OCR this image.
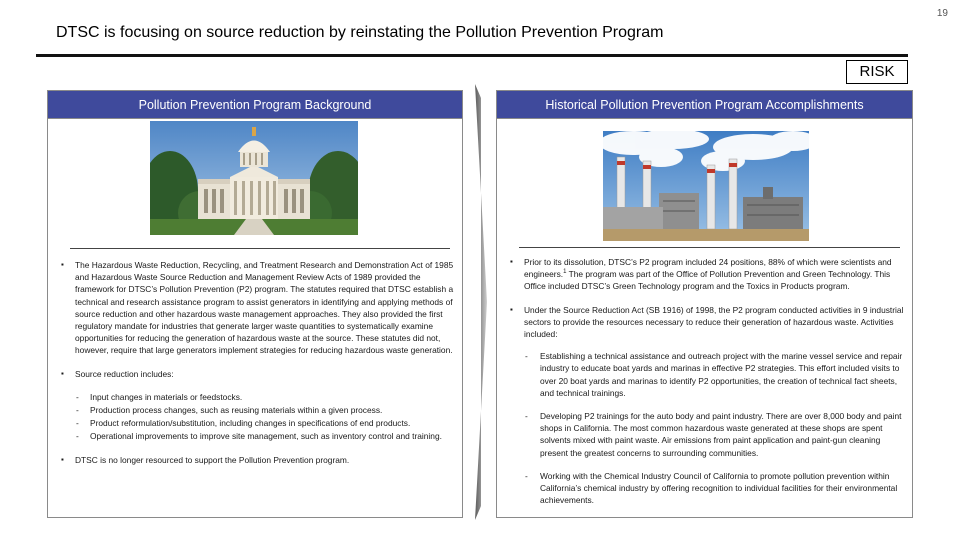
19
DTSC is focusing on source reduction by reinstating the Pollution Prevention Program
RISK
Pollution Prevention Program Background
▪ The Hazardous Waste Reduction, Recycling, and Treatment Research and Demonstration Act of 1985 and Hazardous Waste Source Reduction and Management Review Acts of 1989 provided the framework for DTSC’s Pollution Prevention (P2) program. The statutes required that DTSC establish a technical and research assistance program to assist generators in identifying and applying methods of source reduction and other hazardous waste management approaches. They also provided the first regulatory mandate for industries that generate larger waste quantities to systematically examine opportunities for reducing the generation of hazardous waste at the source. These statutes did not, however, require that large generators implement strategies for reducing hazardous waste generation.
▪ Source reduction includes:
- Input changes in materials or feedstocks.
- Production process changes, such as reusing materials within a given process.
- Product reformulation/substitution, including changes in specifications of end products.
- Operational improvements to improve site management, such as inventory control and training.
▪ DTSC is no longer resourced to support the Pollution Prevention program.
Historical Pollution Prevention Program Accomplishments
▪ Prior to its dissolution, DTSC’s P2 program included 24 positions, 88% of which were scientists and engineers.$^1$ The program was part of the Office of Pollution Prevention and Green Technology. This Office included DTSC’s Green Technology program and the Toxics in Products program.
▪ Under the Source Reduction Act (SB 1916) of 1998, the P2 program conducted activities in 9 industrial sectors to provide the resources necessary to reduce their generation of hazardous waste. Activities included:
- Establishing a technical assistance and outreach project with the marine vessel service and repair industry to educate boat yards and marinas in effective P2 strategies. This effort included visits to over 20 boat yards and marinas to identify P2 opportunities, the creation of technical fact sheets, and technical trainings.
- Developing P2 trainings for the auto body and paint industry. There are over 8,000 body and paint shops in California. The most common hazardous waste generated at these shops are spent solvents mixed with paint waste. Air emissions from paint application and paint-gun cleaning present the greatest concerns to surrounding communities.
- Working with the Chemical Industry Council of California to promote pollution prevention within California’s chemical industry by offering recognition to individual facilities for their environmental achievements.
